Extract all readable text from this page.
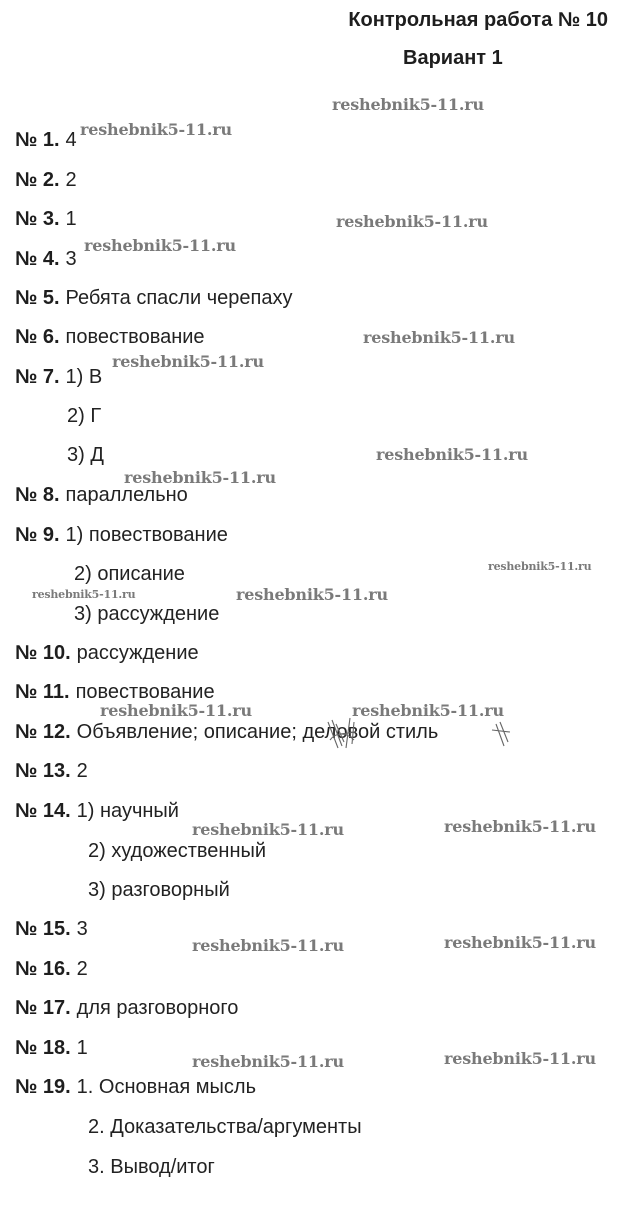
Контрольная работа № 10
Вариант 1
№ 1. 4
№ 2. 2
№ 3. 1
№ 4. 3
№ 5. Ребята спасли черепаху
№ 6. повествование
№ 7. 1) В
2) Г
3) Д
№ 8. параллельно
№ 9. 1) повествование
2) описание
3) рассуждение
№ 10. рассуждение
№ 11. повествование
№ 12. Объявление; описание; деловой стиль
№ 13. 2
№ 14. 1) научный
2) художественный
3) разговорный
№ 15. 3
№ 16. 2
№ 17. для разговорного
№ 18. 1
№ 19. 1. Основная мысль
2. Доказательства/аргументы
3. Вывод/итог
reshebnik5-11.ru
reshebnik5-11.ru
reshebnik5-11.ru
reshebnik5-11.ru
reshebnik5-11.ru
reshebnik5-11.ru
reshebnik5-11.ru
reshebnik5-11.ru
reshebnik5-11.ru
reshebnik5-11.ru	reshebnik5-11.ru
reshebnik5-11.ru	reshebnik5-11.ru
reshebnik5-11.ru	reshebnik5-11.ru
reshebnik5-11.ru	reshebnik5-11.ru
reshebnik5-11.ru	reshebnik5-11.ru
